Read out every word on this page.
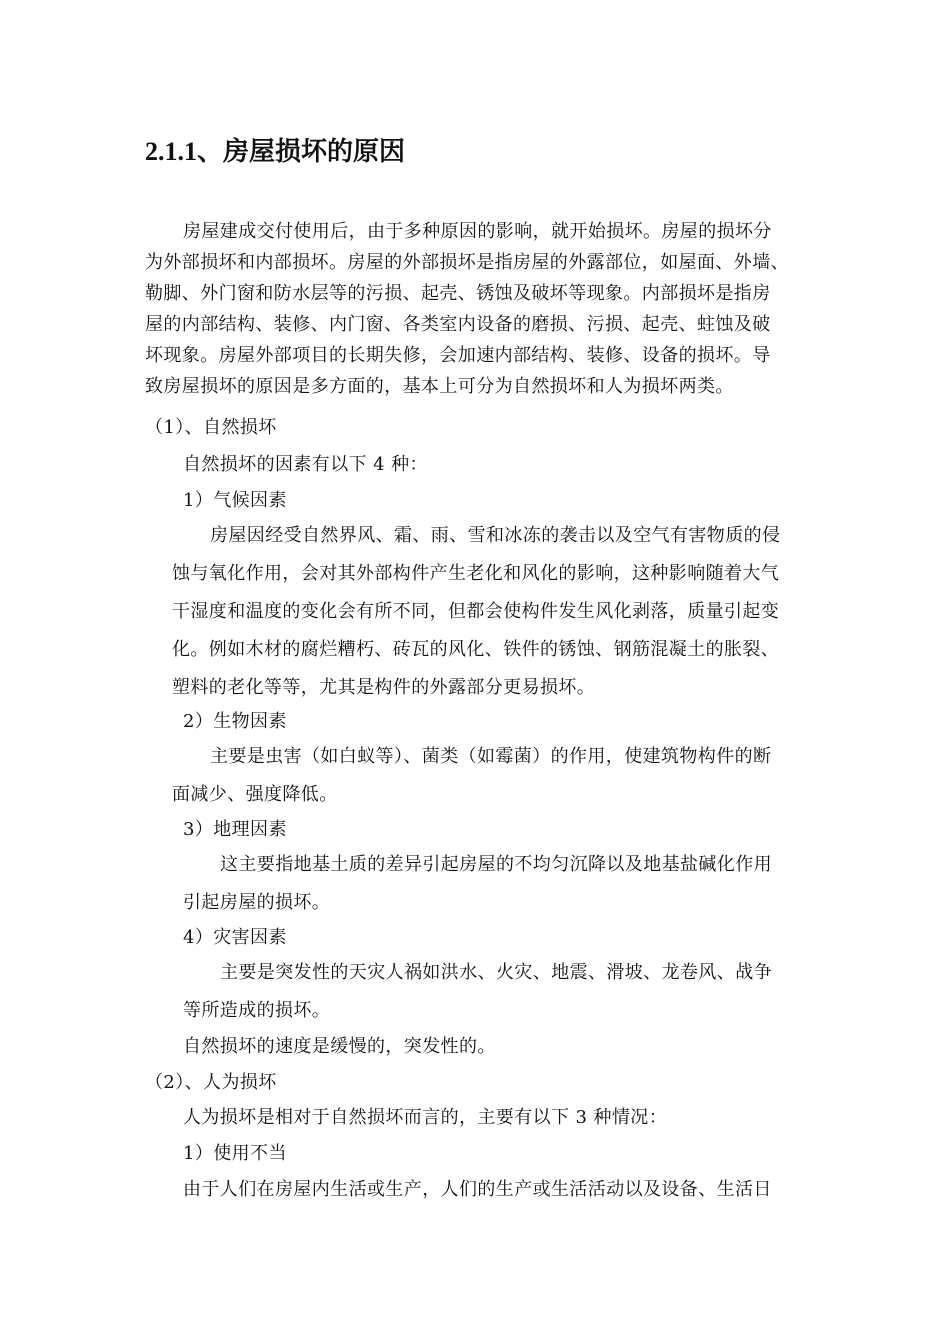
2.1.1、房屋损坏的原因
房屋建成交付使用后，由于多种原因的影响，就开始损坏。房屋的损坏分
为外部损坏和内部损坏。房屋的外部损坏是指房屋的外露部位，如屋面、外墙、
勒脚、外门窗和防水层等的污损、起壳、锈蚀及破坏等现象。内部损坏是指房
屋的内部结构、装修、内门窗、各类室内设备的磨损、污损、起壳、蛀蚀及破
坏现象。房屋外部项目的长期失修，会加速内部结构、装修、设备的损坏。导
致房屋损坏的原因是多方面的，基本上可分为自然损坏和人为损坏两类。
（1）、自然损坏
自然损坏的因素有以下 4 种：
1）气候因素
房屋因经受自然界风、霜、雨、雪和冰冻的袭击以及空气有害物质的侵
蚀与氧化作用，会对其外部构件产生老化和风化的影响，这种影响随着大气
干湿度和温度的变化会有所不同，但都会使构件发生风化剥落，质量引起变
化。例如木材的腐烂糟朽、砖瓦的风化、铁件的锈蚀、钢筋混凝土的胀裂、
塑料的老化等等，尤其是构件的外露部分更易损坏。
2）生物因素
主要是虫害（如白蚁等）、菌类（如霉菌）的作用，使建筑物构件的断
面减少、强度降低。
3）地理因素
这主要指地基土质的差异引起房屋的不均匀沉降以及地基盐碱化作用
引起房屋的损坏。
4）灾害因素
主要是突发性的天灾人祸如洪水、火灾、地震、滑坡、龙卷风、战争
等所造成的损坏。
自然损坏的速度是缓慢的，突发性的。
（2）、人为损坏
人为损坏是相对于自然损坏而言的，主要有以下 3 种情况：
1）使用不当
由于人们在房屋内生活或生产，人们的生产或生活活动以及设备、生活日
